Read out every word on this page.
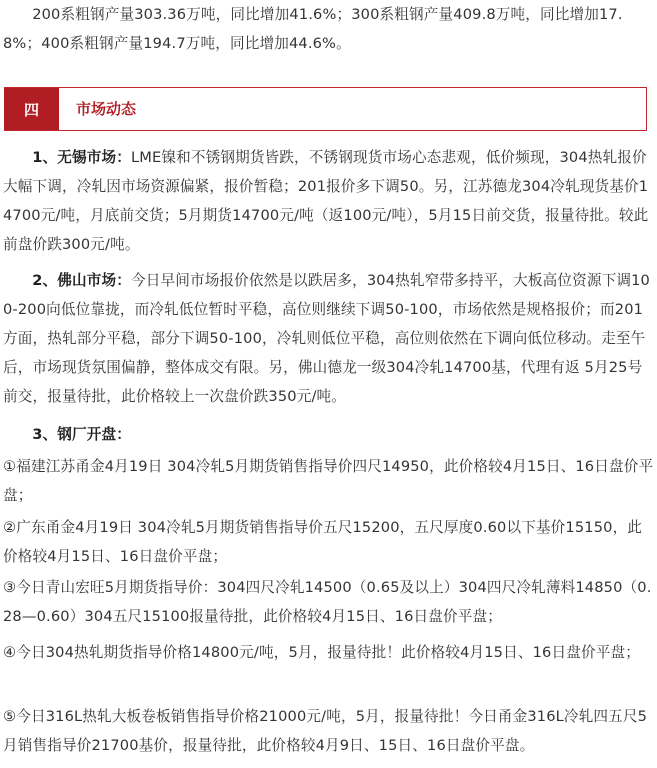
200系粗钢产量303.36万吨，同比增加41.6%；300系粗钢产量409.8万吨，同比增加17.8%；400系粗钢产量194.7万吨，同比增加44.6%。

四	市场动态

1、无锡市场：LME镍和不锈钢期货皆跌，不锈钢现货市场心态悲观，低价频现，304热轧报价大幅下调，冷轧因市场资源偏紧，报价暂稳；201报价多下调50。另，江苏德龙304冷轧现货基价14700元/吨，月底前交货；5月期货14700元/吨（返100元/吨），5月15日前交货，报量待批。较此前盘价跌300元/吨。

2、佛山市场：今日早间市场报价依然是以跌居多，304热轧窄带多持平，大板高位资源下调100-200向低位靠拢，而冷轧低位暂时平稳，高位则继续下调50-100，市场依然是规格报价；而201方面，热轧部分平稳，部分下调50-100，冷轧则低位平稳，高位则依然在下调向低位移动。走至午后，市场现货氛围偏静，整体成交有限。另，佛山德龙一级304冷轧14700基，代理有返 5月25号前交，报量待批，此价格较上一次盘价跌350元/吨。

3、钢厂开盘：

①福建江苏甬金4月19日 304冷轧5月期货销售指导价四尺14950，此价格较4月15日、16日盘价平盘；

②广东甬金4月19日 304冷轧5月期货销售指导价五尺15200，五尺厚度0.60以下基价15150，此价格较4月15日、16日盘价平盘；

③今日青山宏旺5月期货指导价：304四尺冷轧14500（0.65及以上）304四尺冷轧薄料14850（0.28—0.60）304五尺15100报量待批，此价格较4月15日、16日盘价平盘；

④今日304热轧期货指导价格14800元/吨，5月，报量待批！此价格较4月15日、16日盘价平盘；

⑤今日316L热轧大板卷板销售指导价格21000元/吨，5月，报量待批！今日甬金316L冷轧四五尺5月销售指导价21700基价，报量待批，此价格较4月9日、15日、16日盘价平盘。
